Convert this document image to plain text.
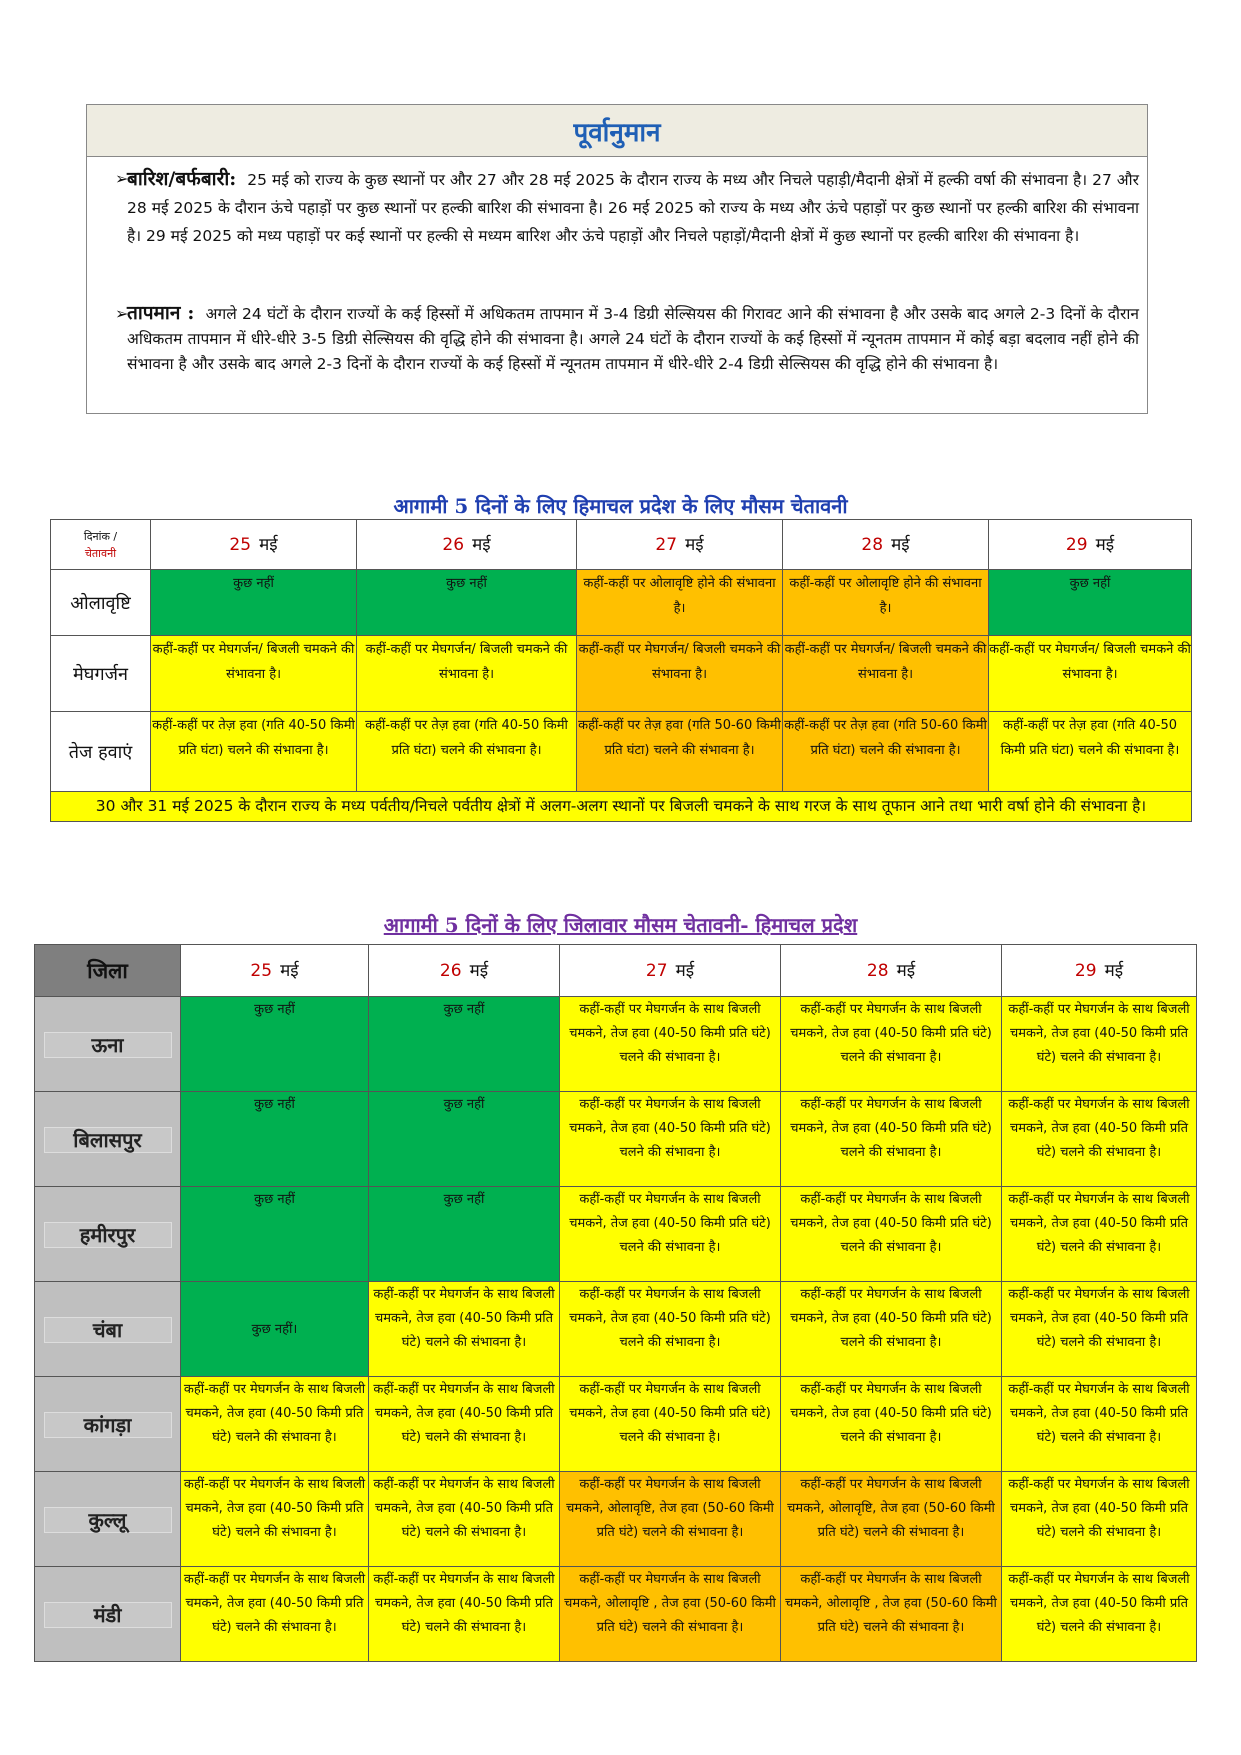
पूर्वानुमान
➢
बारिश/बर्फबारी: 25 मई को राज्य के कुछ स्थानों पर और 27 और 28 मई 2025 के दौरान राज्य के मध्य और निचले पहाड़ी/मैदानी क्षेत्रों में हल्की वर्षा की संभावना है। 27 और 28 मई 2025 के दौरान ऊंचे पहाड़ों पर कुछ स्थानों पर हल्की बारिश की संभावना है। 26 मई 2025 को राज्य के मध्य और ऊंचे पहाड़ों पर कुछ स्थानों पर हल्की बारिश की संभावना है। 29 मई 2025 को मध्य पहाड़ों पर कई स्थानों पर हल्की से मध्यम बारिश और ऊंचे पहाड़ों और निचले पहाड़ों/मैदानी क्षेत्रों में कुछ स्थानों पर हल्की बारिश की संभावना है।
➢
तापमान : अगले 24 घंटों के दौरान राज्यों के कई हिस्सों में अधिकतम तापमान में 3-4 डिग्री सेल्सियस की गिरावट आने की संभावना है और उसके बाद अगले 2-3 दिनों के दौरान अधिकतम तापमान में धीरे-धीरे 3-5 डिग्री सेल्सियस की वृद्धि होने की संभावना है। अगले 24 घंटों के दौरान राज्यों के कई हिस्सों में न्यूनतम तापमान में कोई बड़ा बदलाव नहीं होने की संभावना है और उसके बाद अगले 2-3 दिनों के दौरान राज्यों के कई हिस्सों में न्यूनतम तापमान में धीरे-धीरे 2-4 डिग्री सेल्सियस की वृद्धि होने की संभावना है।
आगामी 5 दिनों के लिए हिमाचल प्रदेश के लिए मौसम चेतावनी
दिनांक /
चेतावनी	25 मई	26 मई	27 मई	28 मई	29 मई
ओलावृष्टि	कुछ नहीं	कुछ नहीं	कहीं-कहीं पर ओलावृष्टि होने की संभावना है।	कहीं-कहीं पर ओलावृष्टि होने की संभावना है।	कुछ नहीं
मेघगर्जन	कहीं-कहीं पर मेघगर्जन/ बिजली चमकने की संभावना है।	कहीं-कहीं पर मेघगर्जन/ बिजली चमकने की संभावना है।	कहीं-कहीं पर मेघगर्जन/ बिजली चमकने की संभावना है।	कहीं-कहीं पर मेघगर्जन/ बिजली चमकने की संभावना है।	कहीं-कहीं पर मेघगर्जन/ बिजली चमकने की संभावना है।
तेज हवाएं	कहीं-कहीं पर तेज़ हवा (गति 40-50 किमी प्रति घंटा) चलने की संभावना है।	कहीं-कहीं पर तेज़ हवा (गति 40-50 किमी प्रति घंटा) चलने की संभावना है।	कहीं-कहीं पर तेज़ हवा (गति 50-60 किमी प्रति घंटा) चलने की संभावना है।	कहीं-कहीं पर तेज़ हवा (गति 50-60 किमी प्रति घंटा) चलने की संभावना है।	कहीं-कहीं पर तेज़ हवा (गति 40-50 किमी प्रति घंटा) चलने की संभावना है।
30 और 31 मई 2025 के दौरान राज्य के मध्य पर्वतीय/निचले पर्वतीय क्षेत्रों में अलग-अलग स्थानों पर बिजली चमकने के साथ गरज के साथ तूफान आने तथा भारी वर्षा होने की संभावना है।					
आगामी 5 दिनों के लिए जिलावार मौसम चेतावनी- हिमाचल प्रदेश
जिला	25 मई	26 मई	27 मई	28 मई	29 मई
ऊना	कुछ नहीं	कुछ नहीं	कहीं-कहीं पर मेघगर्जन के साथ बिजली चमकने, तेज हवा (40-50 किमी प्रति घंटे) चलने की संभावना है।	कहीं-कहीं पर मेघगर्जन के साथ बिजली चमकने, तेज हवा (40-50 किमी प्रति घंटे) चलने की संभावना है।	कहीं-कहीं पर मेघगर्जन के साथ बिजली चमकने, तेज हवा (40-50 किमी प्रति घंटे) चलने की संभावना है।
बिलासपुर	कुछ नहीं	कुछ नहीं	कहीं-कहीं पर मेघगर्जन के साथ बिजली चमकने, तेज हवा (40-50 किमी प्रति घंटे) चलने की संभावना है।	कहीं-कहीं पर मेघगर्जन के साथ बिजली चमकने, तेज हवा (40-50 किमी प्रति घंटे) चलने की संभावना है।	कहीं-कहीं पर मेघगर्जन के साथ बिजली चमकने, तेज हवा (40-50 किमी प्रति घंटे) चलने की संभावना है।
हमीरपुर	कुछ नहीं	कुछ नहीं	कहीं-कहीं पर मेघगर्जन के साथ बिजली चमकने, तेज हवा (40-50 किमी प्रति घंटे) चलने की संभावना है।	कहीं-कहीं पर मेघगर्जन के साथ बिजली चमकने, तेज हवा (40-50 किमी प्रति घंटे) चलने की संभावना है।	कहीं-कहीं पर मेघगर्जन के साथ बिजली चमकने, तेज हवा (40-50 किमी प्रति घंटे) चलने की संभावना है।
चंबा	कुछ नहीं।	कहीं-कहीं पर मेघगर्जन के साथ बिजली चमकने, तेज हवा (40-50 किमी प्रति घंटे) चलने की संभावना है।	कहीं-कहीं पर मेघगर्जन के साथ बिजली चमकने, तेज हवा (40-50 किमी प्रति घंटे) चलने की संभावना है।	कहीं-कहीं पर मेघगर्जन के साथ बिजली चमकने, तेज हवा (40-50 किमी प्रति घंटे) चलने की संभावना है।	कहीं-कहीं पर मेघगर्जन के साथ बिजली चमकने, तेज हवा (40-50 किमी प्रति घंटे) चलने की संभावना है।
कांगड़ा	कहीं-कहीं पर मेघगर्जन के साथ बिजली चमकने, तेज हवा (40-50 किमी प्रति घंटे) चलने की संभावना है।	कहीं-कहीं पर मेघगर्जन के साथ बिजली चमकने, तेज हवा (40-50 किमी प्रति घंटे) चलने की संभावना है।	कहीं-कहीं पर मेघगर्जन के साथ बिजली चमकने, तेज हवा (40-50 किमी प्रति घंटे) चलने की संभावना है।	कहीं-कहीं पर मेघगर्जन के साथ बिजली चमकने, तेज हवा (40-50 किमी प्रति घंटे) चलने की संभावना है।	कहीं-कहीं पर मेघगर्जन के साथ बिजली चमकने, तेज हवा (40-50 किमी प्रति घंटे) चलने की संभावना है।
कुल्लू	कहीं-कहीं पर मेघगर्जन के साथ बिजली चमकने, तेज हवा (40-50 किमी प्रति घंटे) चलने की संभावना है।	कहीं-कहीं पर मेघगर्जन के साथ बिजली चमकने, तेज हवा (40-50 किमी प्रति घंटे) चलने की संभावना है।	कहीं-कहीं पर मेघगर्जन के साथ बिजली चमकने, ओलावृष्टि, तेज हवा (50-60 किमी प्रति घंटे) चलने की संभावना है।	कहीं-कहीं पर मेघगर्जन के साथ बिजली चमकने, ओलावृष्टि, तेज हवा (50-60 किमी प्रति घंटे) चलने की संभावना है।	कहीं-कहीं पर मेघगर्जन के साथ बिजली चमकने, तेज हवा (40-50 किमी प्रति घंटे) चलने की संभावना है।
मंडी	कहीं-कहीं पर मेघगर्जन के साथ बिजली चमकने, तेज हवा (40-50 किमी प्रति घंटे) चलने की संभावना है।	कहीं-कहीं पर मेघगर्जन के साथ बिजली चमकने, तेज हवा (40-50 किमी प्रति घंटे) चलने की संभावना है।	कहीं-कहीं पर मेघगर्जन के साथ बिजली चमकने, ओलावृष्टि , तेज हवा (50-60 किमी प्रति घंटे) चलने की संभावना है।	कहीं-कहीं पर मेघगर्जन के साथ बिजली चमकने, ओलावृष्टि , तेज हवा (50-60 किमी प्रति घंटे) चलने की संभावना है।	कहीं-कहीं पर मेघगर्जन के साथ बिजली चमकने, तेज हवा (40-50 किमी प्रति घंटे) चलने की संभावना है।
